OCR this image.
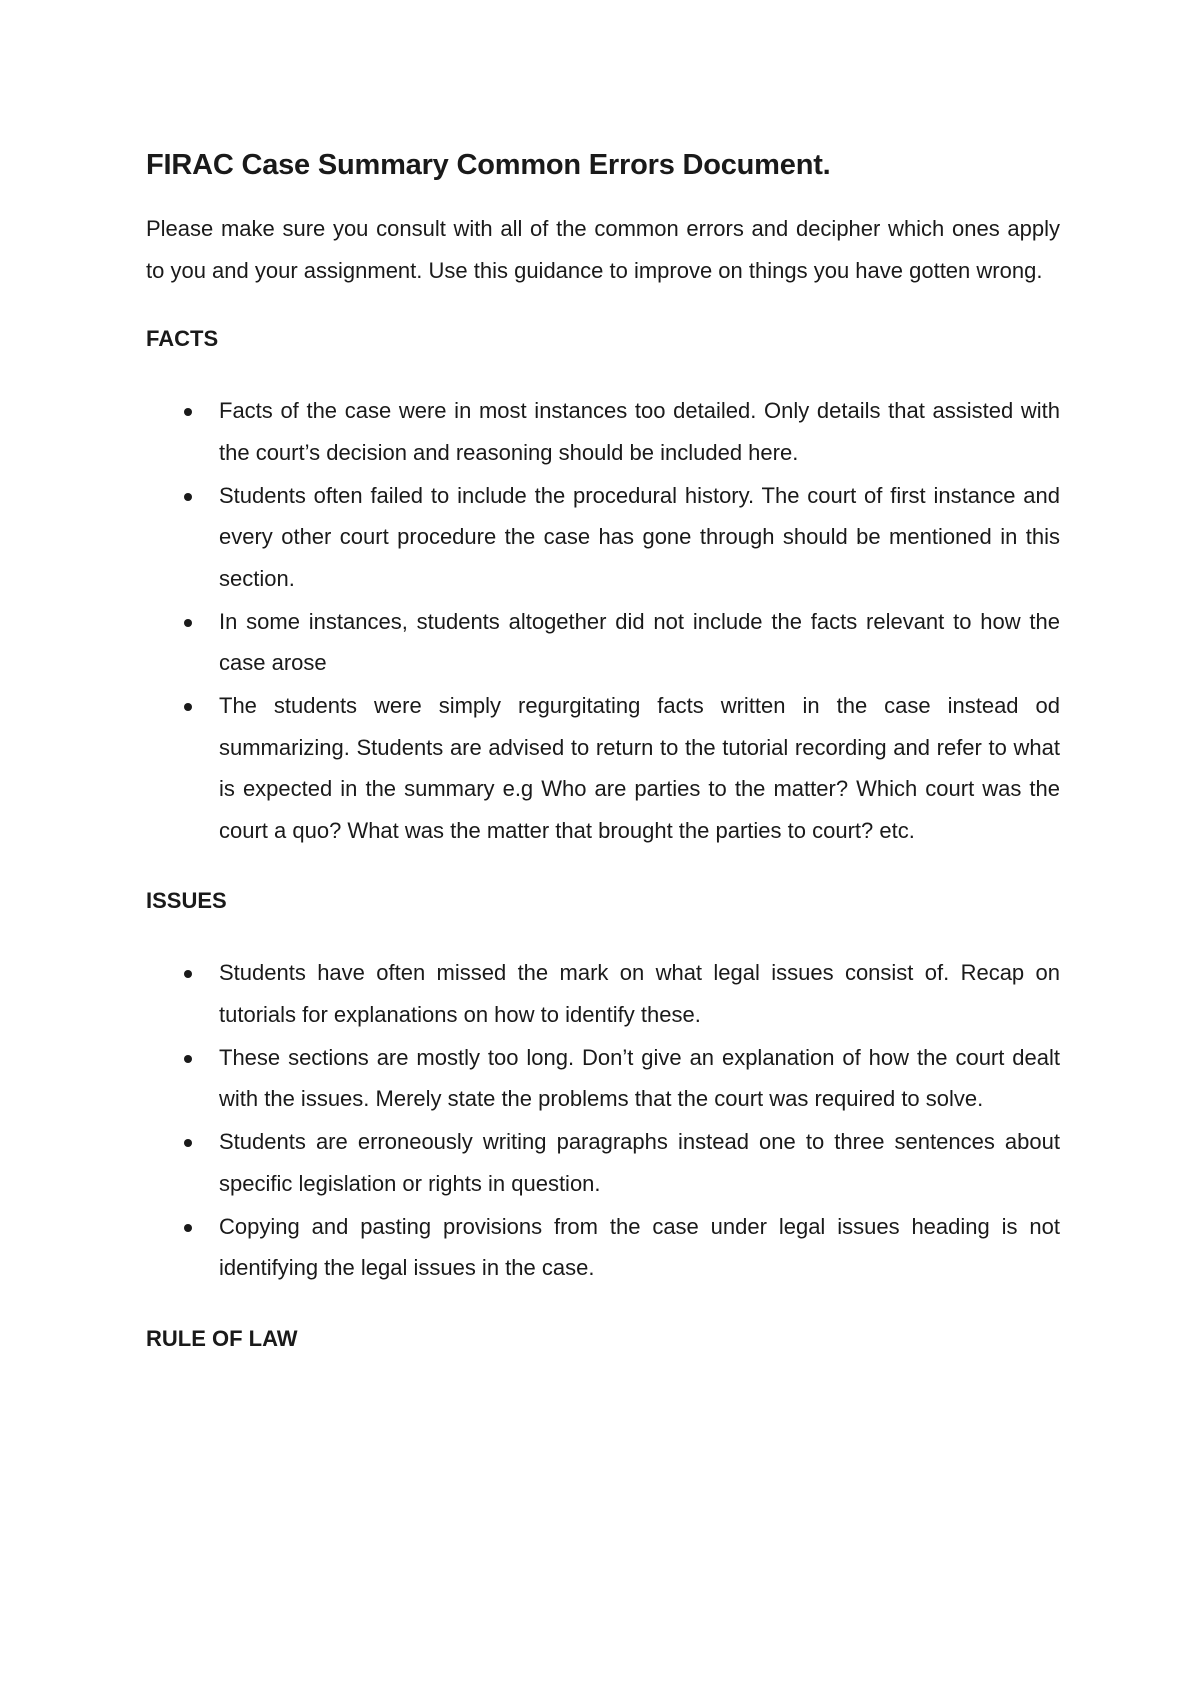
FIRAC Case Summary Common Errors Document.

Please make sure you consult with all of the common errors and decipher which ones apply to you and your assignment. Use this guidance to improve on things you have gotten wrong.

FACTS
Facts of the case were in most instances too detailed. Only details that assisted with the court’s decision and reasoning should be included here.
Students often failed to include the procedural history. The court of first instance and every other court procedure the case has gone through should be mentioned in this section.
In some instances, students altogether did not include the facts relevant to how the case arose
The students were simply regurgitating facts written in the case instead od summarizing. Students are advised to return to the tutorial recording and refer to what is expected in the summary e.g Who are parties to the matter? Which court was the court a quo? What was the matter that brought the parties to court? etc.
ISSUES
Students have often missed the mark on what legal issues consist of. Recap on tutorials for explanations on how to identify these.
These sections are mostly too long. Don’t give an explanation of how the court dealt with the issues. Merely state the problems that the court was required to solve.
Students are erroneously writing paragraphs instead one to three sentences about specific legislation or rights in question.
Copying and pasting provisions from the case under legal issues heading is not identifying the legal issues in the case.
RULE OF LAW
